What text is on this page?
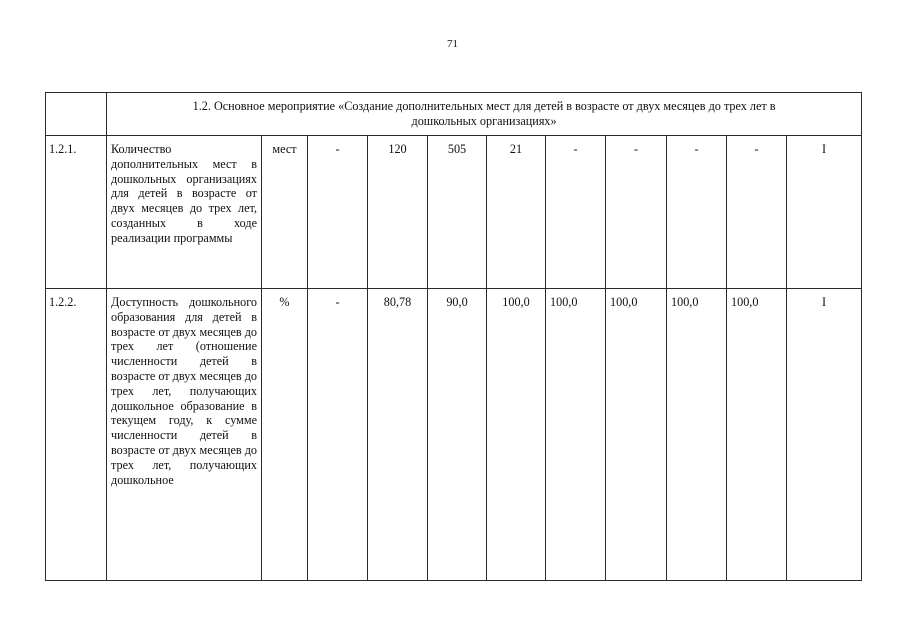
71

	1.2. Основное мероприятие «Создание дополнительных мест для детей в возрасте от двух месяцев до трех лет в
дошкольных организациях»										

1.2.1.	Количество дополнительных мест в дошкольных организациях для детей в возрасте от двух месяцев до трех лет, созданных в ходе реализации программы	мест	-	120	505	21	-	-	-	-	I
1.2.2.	Доступность дошкольного образования для детей в возрасте от двух месяцев до трех лет (отношение численности детей в возрасте от двух месяцев до трех лет, получающих дошкольное образование в текущем году, к сумме численности детей в возрасте от двух месяцев до трех лет, получающих дошкольное	%	-	80,78	90,0	100,0	100,0	100,0	100,0	100,0	I
